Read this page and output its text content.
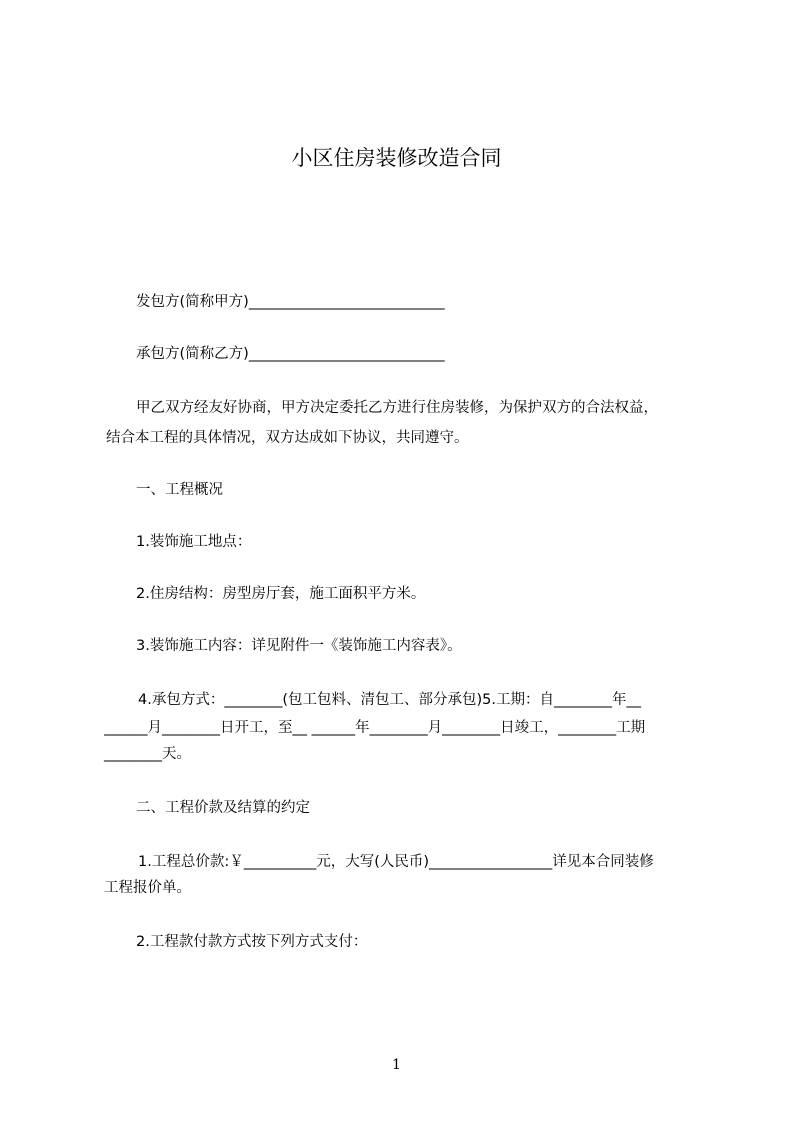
小区住房装修改造合同
发包方(简称甲方)___________________________
承包方(简称乙方)___________________________
甲乙双方经友好协商，甲方决定委托乙方进行住房装修，为保护双方的合法权益，
结合本工程的具体情况，双方达成如下协议，共同遵守。
一、工程概况
1.装饰施工地点：
2.住房结构：房型房厅套，施工面积平方米。
3.装饰施工内容：详见附件一《装饰施工内容表》。
4.承包方式：________(包工包料、清包工、部分承包)5.工期：自________年__
______月________日开工，至__ ______年________月________日竣工，________工期
________天。
二、工程价款及结算的约定
1.工程总价款:￥__________元，大写(人民币)_________________详见本合同装修
工程报价单。
2.工程款付款方式按下列方式支付：
1
